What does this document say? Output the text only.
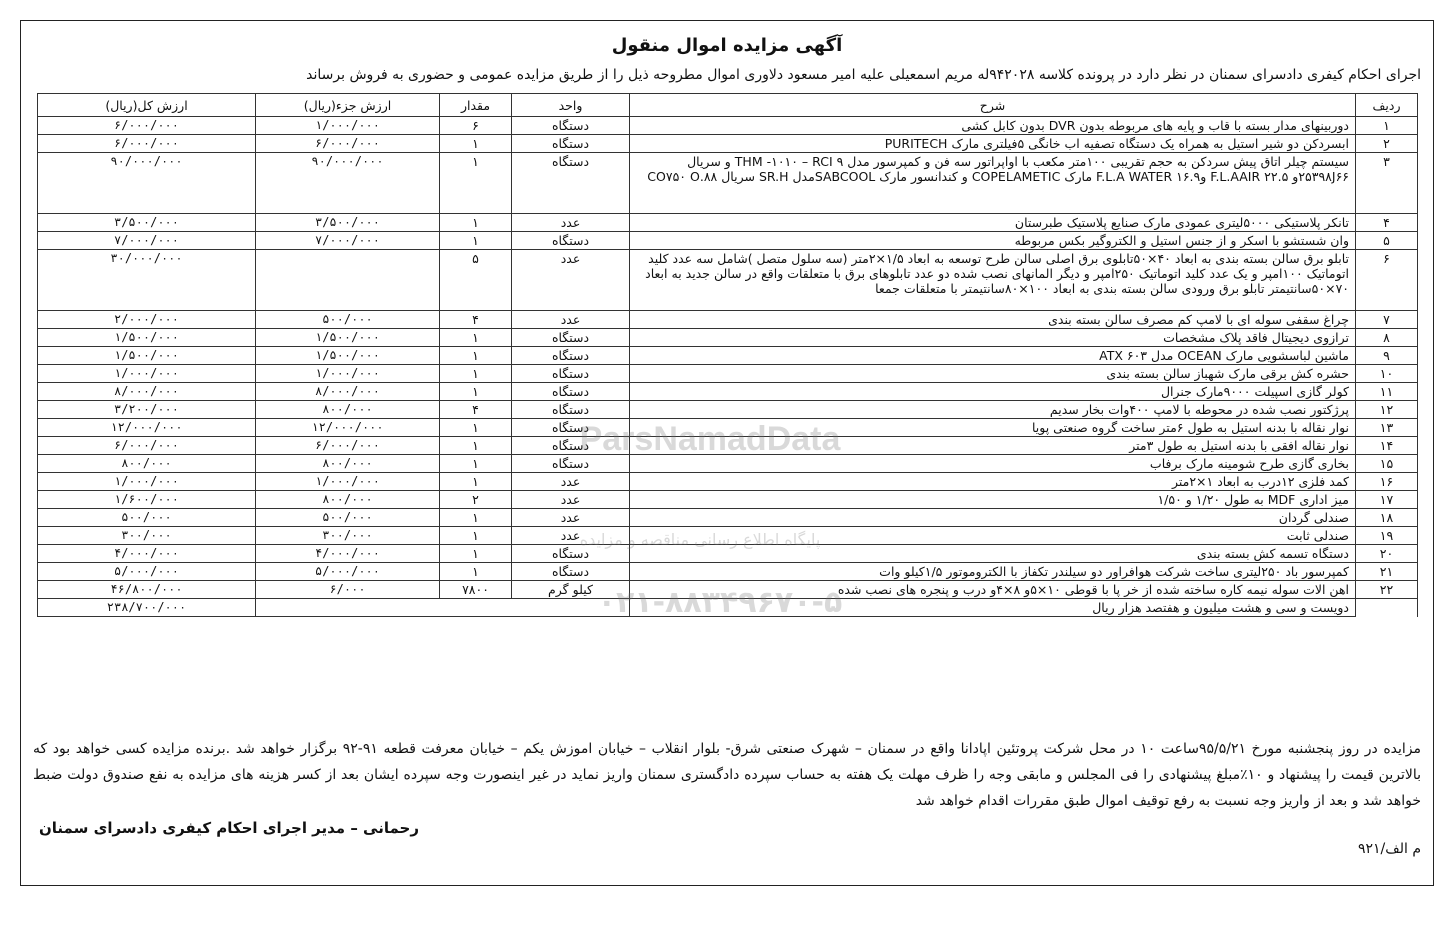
آگهی مزایده اموال منقول
اجرای احکام کیفری دادسرای سمنان در نظر دارد در پرونده کلاسه ۹۴۲۰۲۸له مریم اسمعیلی علیه امیر مسعود دلاوری اموال مطروحه ذیل را از طریق مزایده عمومی و حضوری به فروش برساند
ردیف	شرح	واحد	مقدار	ارزش جزء(ریال)	ارزش کل(ریال)
۱	دوربینهای مدار بسته با قاب و پایه های مربوطه بدون DVR بدون کابل کشی	دستگاه	۶	۱/۰۰۰/۰۰۰	۶/۰۰۰/۰۰۰
۲	ابسردکن دو شیر استیل به همراه یک دستگاه تصفیه اب خانگی ۵فیلتری مارک PURITECH	دستگاه	۱	۶/۰۰۰/۰۰۰	۶/۰۰۰/۰۰۰
۳	سیستم چیلر اتاق پیش سردکن به حجم تقریبی ۱۰۰متر مکعب با اواپراتور سه فن و کمپرسور مدل THM -۱۰۱۰ – RCI ۹ و سریال ۲۵۳۹۸J۶۶و ۲۲.۵ F.L.AAIR و۱۶.۹ F.L.A WATER مارک COPELAMETIC و کندانسور مارک SABCOOLمدل SR.H سریال ۸۸.CO۷۵۰ O	دستگاه	۱	۹۰/۰۰۰/۰۰۰	۹۰/۰۰۰/۰۰۰
۴	تانکر پلاستیکی ۵۰۰۰لیتری عمودی مارک صنایع پلاستیک طبرستان	عدد	۱	۳/۵۰۰/۰۰۰	۳/۵۰۰/۰۰۰
۵	وان شستشو با اسکر و از جنس استیل و الکتروگیر بکس مربوطه	دستگاه	۱	۷/۰۰۰/۰۰۰	۷/۰۰۰/۰۰۰
۶	تابلو برق سالن بسته بندی به ابعاد ۴۰×۵۰تابلوی برق اصلی سالن طرح توسعه به ابعاد ۱/۵×۲متر (سه سلول متصل )شامل سه عدد کلید اتوماتیک ۱۰۰امپر و یک عدد کلید اتوماتیک ۲۵۰امپر و دیگر المانهای نصب شده دو عدد تابلوهای برق با متعلقات واقع در سالن جدید به ابعاد ۷۰×۵۰سانتیمتر تابلو برق ورودی سالن بسته بندی به ابعاد ۱۰۰×۸۰سانتیمتر با متعلقات جمعا	عدد	۵		۳۰/۰۰۰/۰۰۰
۷	چراغ سقفی سوله ای با لامپ کم مصرف سالن بسته بندی	عدد	۴	۵۰۰/۰۰۰	۲/۰۰۰/۰۰۰
۸	ترازوی دیجیتال فاقد پلاک مشخصات	دستگاه	۱	۱/۵۰۰/۰۰۰	۱/۵۰۰/۰۰۰
۹	ماشین لباسشویی مارک OCEAN مدل ATX ۶۰۳	دستگاه	۱	۱/۵۰۰/۰۰۰	۱/۵۰۰/۰۰۰
۱۰	حشره کش برقی مارک شهباز سالن بسته بندی	دستگاه	۱	۱/۰۰۰/۰۰۰	۱/۰۰۰/۰۰۰
۱۱	کولر گازی اسپیلت ۹۰۰۰مارک جنرال	دستگاه	۱	۸/۰۰۰/۰۰۰	۸/۰۰۰/۰۰۰
۱۲	پرژکتور نصب شده در محوطه با لامپ ۴۰۰وات بخار سدیم	دستگاه	۴	۸۰۰/۰۰۰	۳/۲۰۰/۰۰۰
۱۳	نوار نقاله با بدنه استیل به طول ۶متر ساخت گروه صنعتی پویا	دستگاه	۱	۱۲/۰۰۰/۰۰۰	۱۲/۰۰۰/۰۰۰
۱۴	نوار نقاله افقی با بدنه استیل به طول ۳متر	دستگاه	۱	۶/۰۰۰/۰۰۰	۶/۰۰۰/۰۰۰
۱۵	بخاری گازی طرح شومینه مارک برفاب	دستگاه	۱	۸۰۰/۰۰۰	۸۰۰/۰۰۰
۱۶	کمد فلزی ۱۲درب به ابعاد ۱×۲متر	عدد	۱	۱/۰۰۰/۰۰۰	۱/۰۰۰/۰۰۰
۱۷	میز اداری MDF به طول ۱/۲۰ و ۱/۵۰	عدد	۲	۸۰۰/۰۰۰	۱/۶۰۰/۰۰۰
۱۸	صندلی گردان	عدد	۱	۵۰۰/۰۰۰	۵۰۰/۰۰۰
۱۹	صندلی ثابت	عدد	۱	۳۰۰/۰۰۰	۳۰۰/۰۰۰
۲۰	دستگاه تسمه کش بسته بندی	دستگاه	۱	۴/۰۰۰/۰۰۰	۴/۰۰۰/۰۰۰
۲۱	کمپرسور باد ۲۵۰لیتری ساخت شرکت هوافراور دو سیلندر تکفاز با الکتروموتور ۱/۵کیلو وات	دستگاه	۱	۵/۰۰۰/۰۰۰	۵/۰۰۰/۰۰۰
۲۲	اهن الات سوله نیمه کاره ساخته شده از خر پا با قوطی ۱۰×۵و ۸×۴و درب و پنجره های نصب شده	کیلو گرم	۷۸۰۰	۶/۰۰۰	۴۶/۸۰۰/۰۰۰
	دویست و سی و هشت میلیون و هفتصد هزار ریال				۲۳۸/۷۰۰/۰۰۰
مزایده در روز پنجشنبه مورخ ۹۵/۵/۲۱ساعت ۱۰ در محل شرکت پروتئین اپادانا واقع در سمنان – شهرک صنعتی شرق- بلوار انقلاب – خیابان اموزش یکم – خیابان معرفت قطعه ۹۱-۹۲ برگزار خواهد شد .برنده مزایده کسی خواهد بود که بالاترین قیمت را پیشنهاد و ۱۰٪مبلغ پیشنهادی را فی المجلس و مابقی وجه را ظرف مهلت یک هفته به حساب سپرده دادگستری سمنان واریز نماید در غیر اینصورت وجه سپرده ایشان بعد از کسر هزینه های مزایده به نفع صندوق دولت ضبط خواهد شد و بعد از واریز وجه نسبت به رفع توقیف اموال طبق مقررات اقدام خواهد شد
رحمانی – مدیر اجرای احکام کیفری دادسرای سمنان
م الف/۹۲۱
ParsNamadData
پایگاه اطلاع رسانی مناقصه و مزایده
۰۲۱-۸۸۳۴۹۶۷۰-۵
